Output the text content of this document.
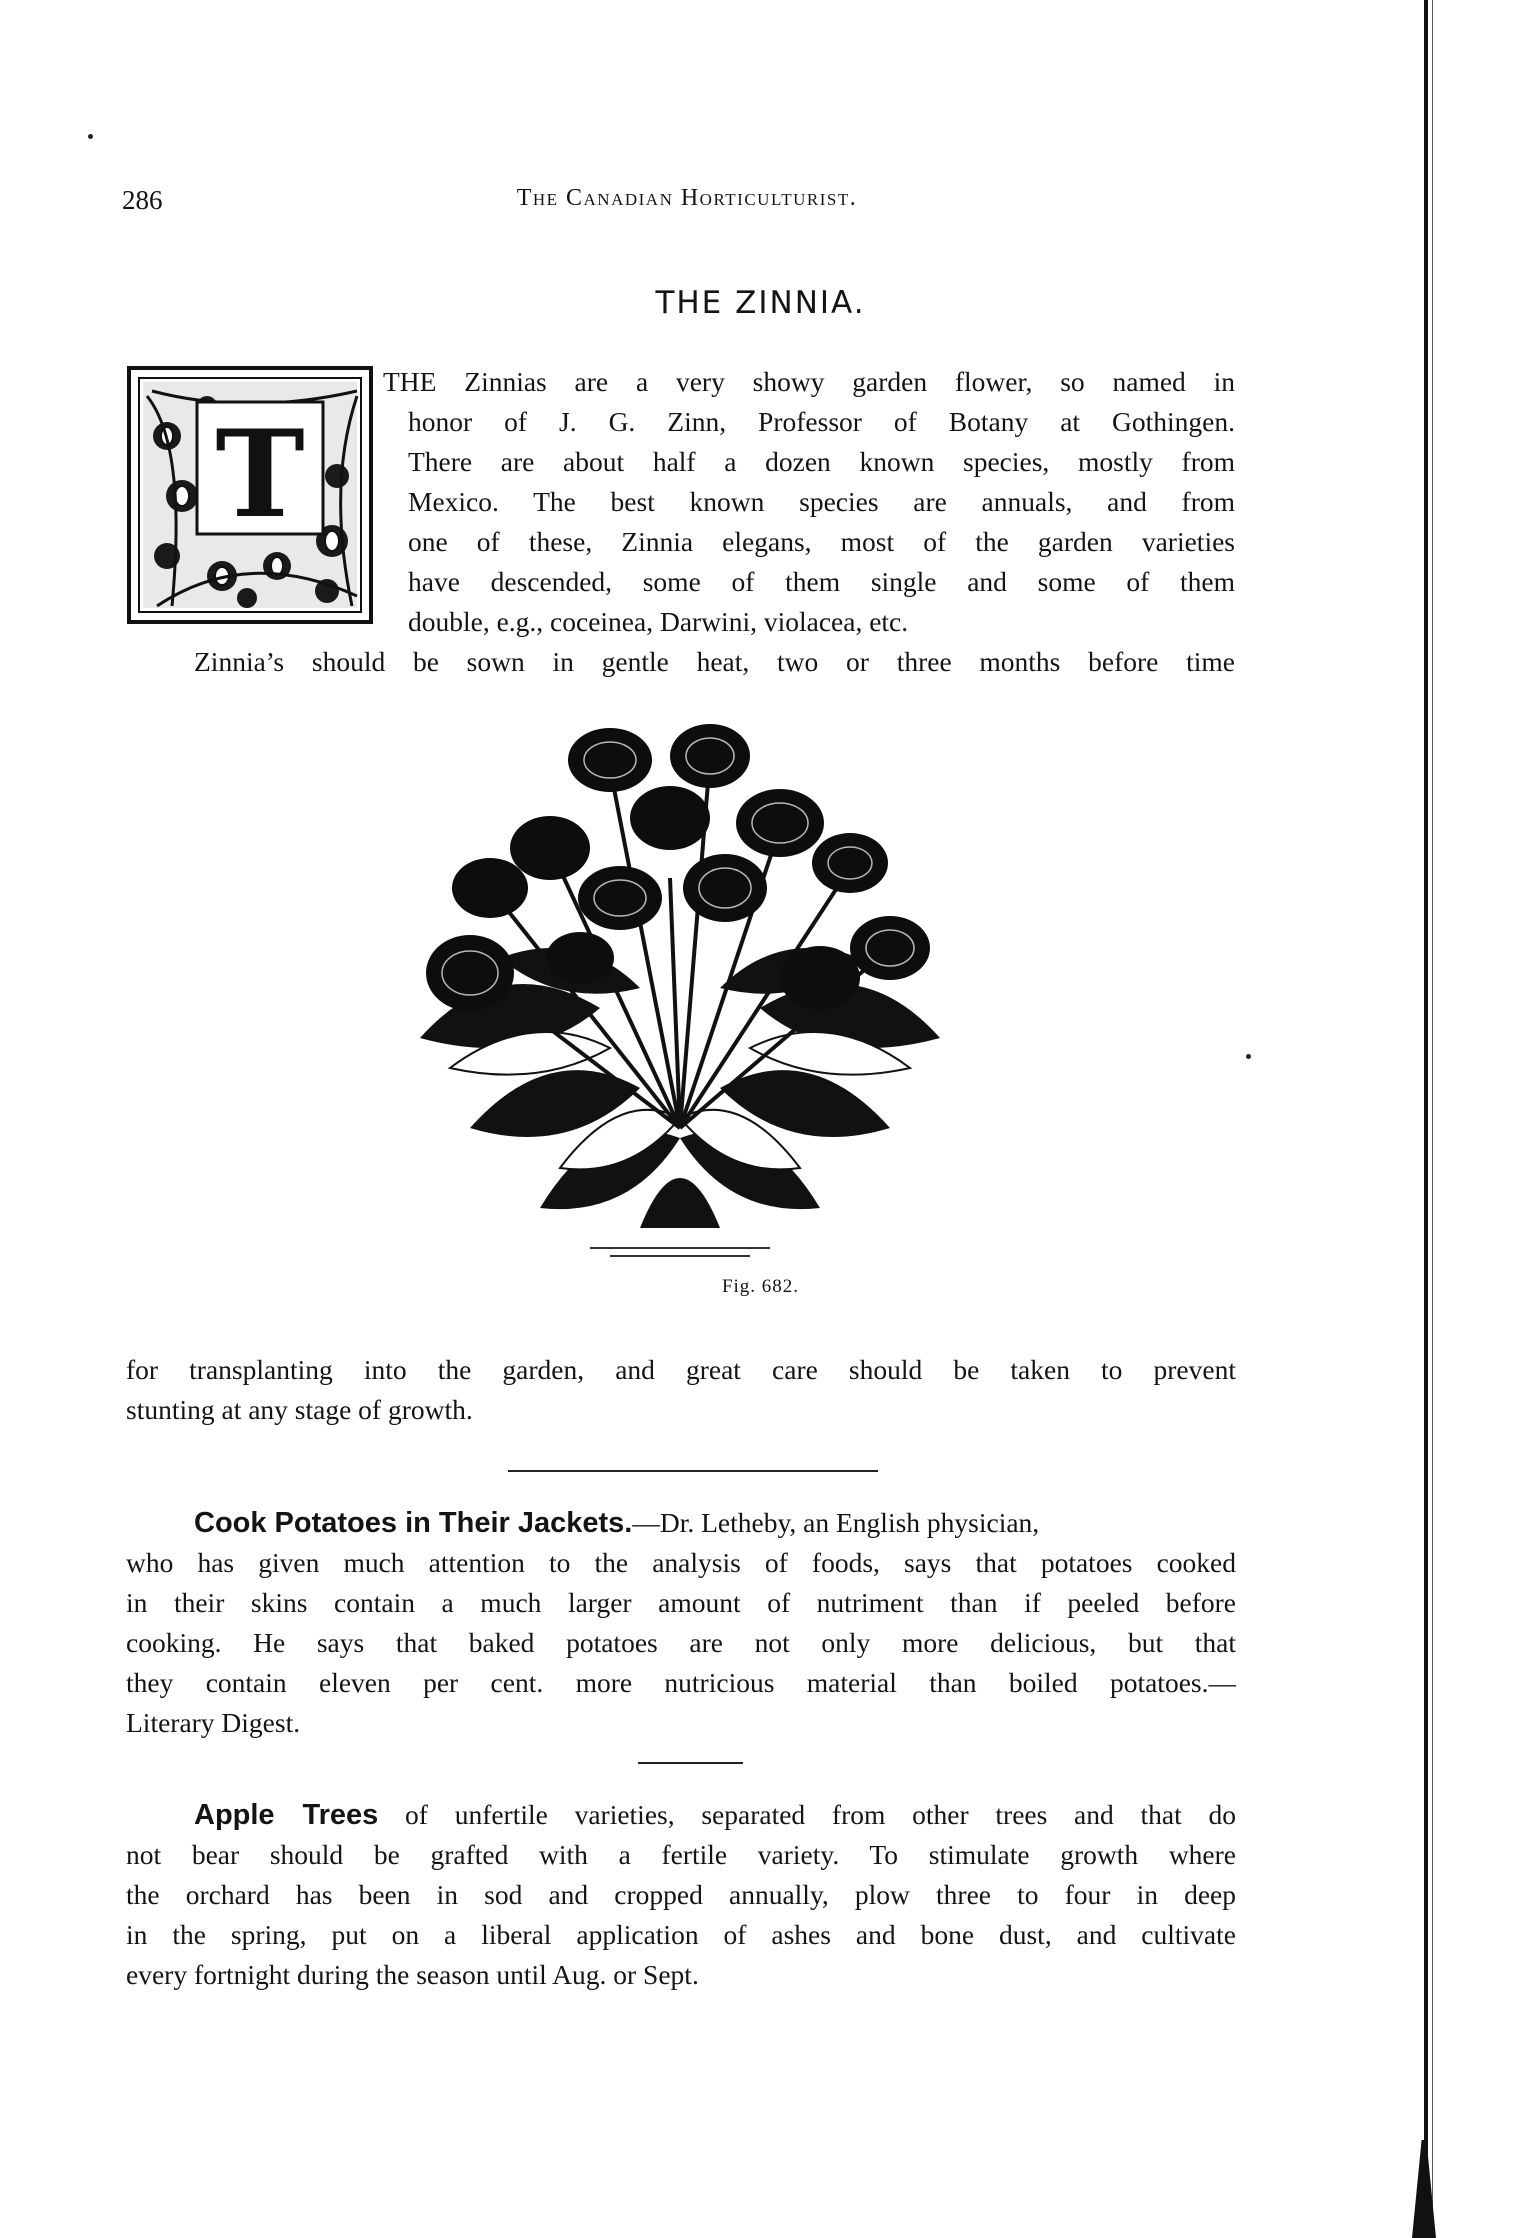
286	The Canadian Horticulturist.
THE ZINNIA.
T
THE Zinnias are a very showy garden flower, so named in
honor of J. G. Zinn, Professor of Botany at Gothingen.
There are about half a dozen known species, mostly from
Mexico. The best known species are annuals, and from
one of these, Zinnia elegans, most of the garden varieties
have descended, some of them single and some of them
double, e.g., coceinea, Darwini, violacea, etc.
Zinnia’s should be sown in gentle heat, two or three months before time
Fig. 682.
for transplanting into the garden, and great care should be taken to prevent
stunting at any stage of growth.
Cook Potatoes in Their Jackets.—Dr. Letheby, an English physician,
who has given much attention to the analysis of foods, says that potatoes cooked
in their skins contain a much larger amount of nutriment than if peeled before
cooking. He says that baked potatoes are not only more delicious, but that
they contain eleven per cent. more nutricious material than boiled potatoes.—
Literary Digest.
Apple Trees of unfertile varieties, separated from other trees and that do
not bear should be grafted with a fertile variety. To stimulate growth where
the orchard has been in sod and cropped annually, plow three to four in deep
in the spring, put on a liberal application of ashes and bone dust, and cultivate
every fortnight during the season until Aug. or Sept.
